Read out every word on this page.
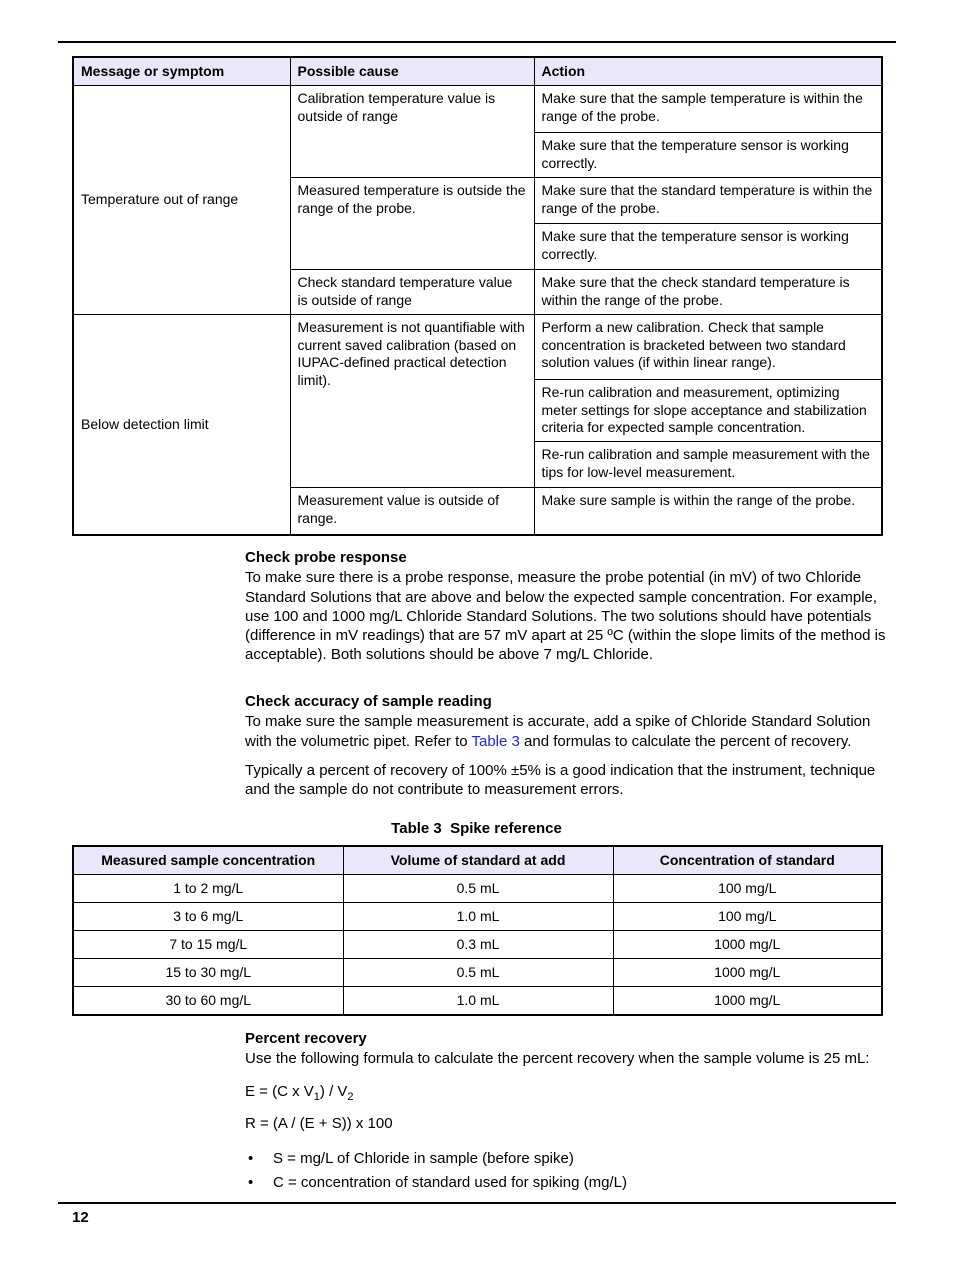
Message or symptom	Possible cause	Action
Temperature out of range	Calibration temperature value is outside of range	Make sure that the sample temperature is within the range of the probe.
		Make sure that the temperature sensor is working correctly.
	Measured temperature is outside the range of the probe.	Make sure that the standard temperature is within the range of the probe.
		Make sure that the temperature sensor is working correctly.
	Check standard temperature value is outside of range	Make sure that the check standard temperature is within the range of the probe.
Below detection limit	Measurement is not quantifiable with current saved calibration (based on IUPAC-defined practical detection limit).	Perform a new calibration. Check that sample concentration is bracketed between two standard solution values (if within linear range).
		Re-run calibration and measurement, optimizing meter settings for slope acceptance and stabilization criteria for expected sample concentration.
		Re-run calibration and sample measurement with the tips for low-level measurement.
	Measurement value is outside of range.	Make sure sample is within the range of the probe.

Check probe response

To make sure there is a probe response, measure the probe potential (in mV) of two Chloride Standard Solutions that are above and below the expected sample concentration. For example, use 100 and 1000 mg/L Chloride Standard Solutions. The two solutions should have potentials (difference in mV readings) that are 57 mV apart at 25 ºC (within the slope limits of the method is acceptable). Both solutions should be above 7 mg/L Chloride.

Check accuracy of sample reading

To make sure the sample measurement is accurate, add a spike of Chloride Standard Solution with the volumetric pipet. Refer to Table 3 and formulas to calculate the percent of recovery.

Typically a percent of recovery of 100% ±5% is a good indication that the instrument, technique and the sample do not contribute to measurement errors.

Table 3  Spike reference
Measured sample concentration	Volume of standard at add	Concentration of standard
1 to 2 mg/L	0.5 mL	100 mg/L
3 to 6 mg/L	1.0 mL	100 mg/L
7 to 15 mg/L	0.3 mL	1000 mg/L
15 to 30 mg/L	0.5 mL	1000 mg/L
30 to 60 mg/L	1.0 mL	1000 mg/L

Percent recovery

Use the following formula to calculate the percent recovery when the sample volume is 25 mL:

E = (C x $V_1) / V_2$
R = (A / (E + S)) x 100
•	S = mg/L of Chloride in sample (before spike)
•	C = concentration of standard used for spiking (mg/L)
12
